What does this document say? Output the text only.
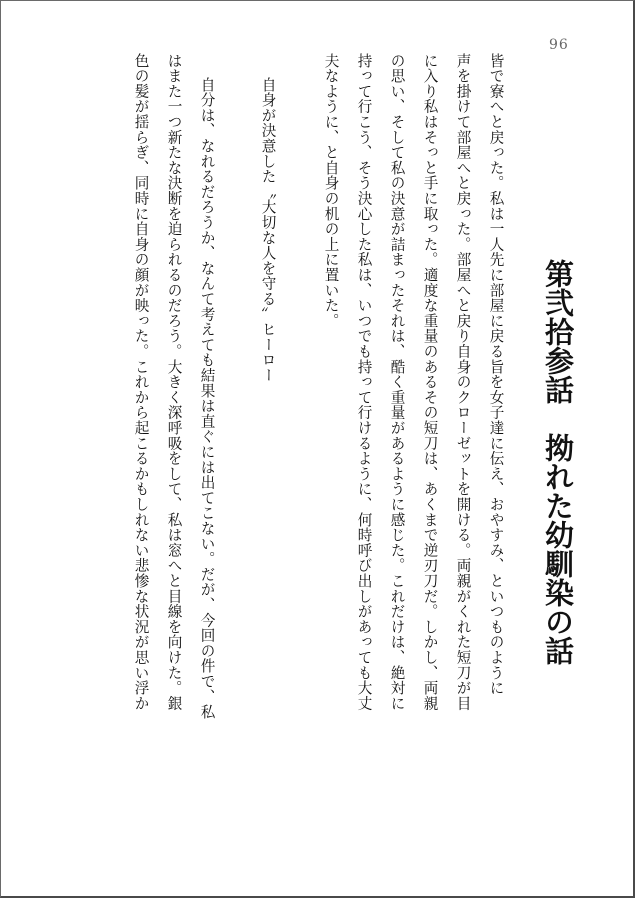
96
第弐拾参話　拗れた幼馴染の話
皆で寮へと戻った。私は一人先に部屋に戻る旨を女子達に伝え、おやすみ、といつものように
声を掛けて部屋へと戻った。部屋へと戻り自身のクローゼットを開ける。両親がくれた短刀が目
に入り私はそっと手に取った。適度な重量のあるその短刀は、あくまで逆刃刀だ。しかし、両親
の思い、そして私の決意が詰まったそれは、酷く重量があるように感じた。これだけは、絶対に
持って行こう、そう決心した私は、いつでも持って行けるように、何時呼び出しがあっても大丈
夫なように、と自身の机の上に置いた。
自身が決意した〝大切な人を守る〟ヒーロー
自分は、なれるだろうか、なんて考えても結果は直ぐには出てこない。だが、今回の件で、私
はまた一つ新たな決断を迫られるのだろう。大きく深呼吸をして、私は窓へと目線を向けた。銀
色の髪が揺らぎ、同時に自身の顔が映った。これから起こるかもしれない悲惨な状況が思い浮か
